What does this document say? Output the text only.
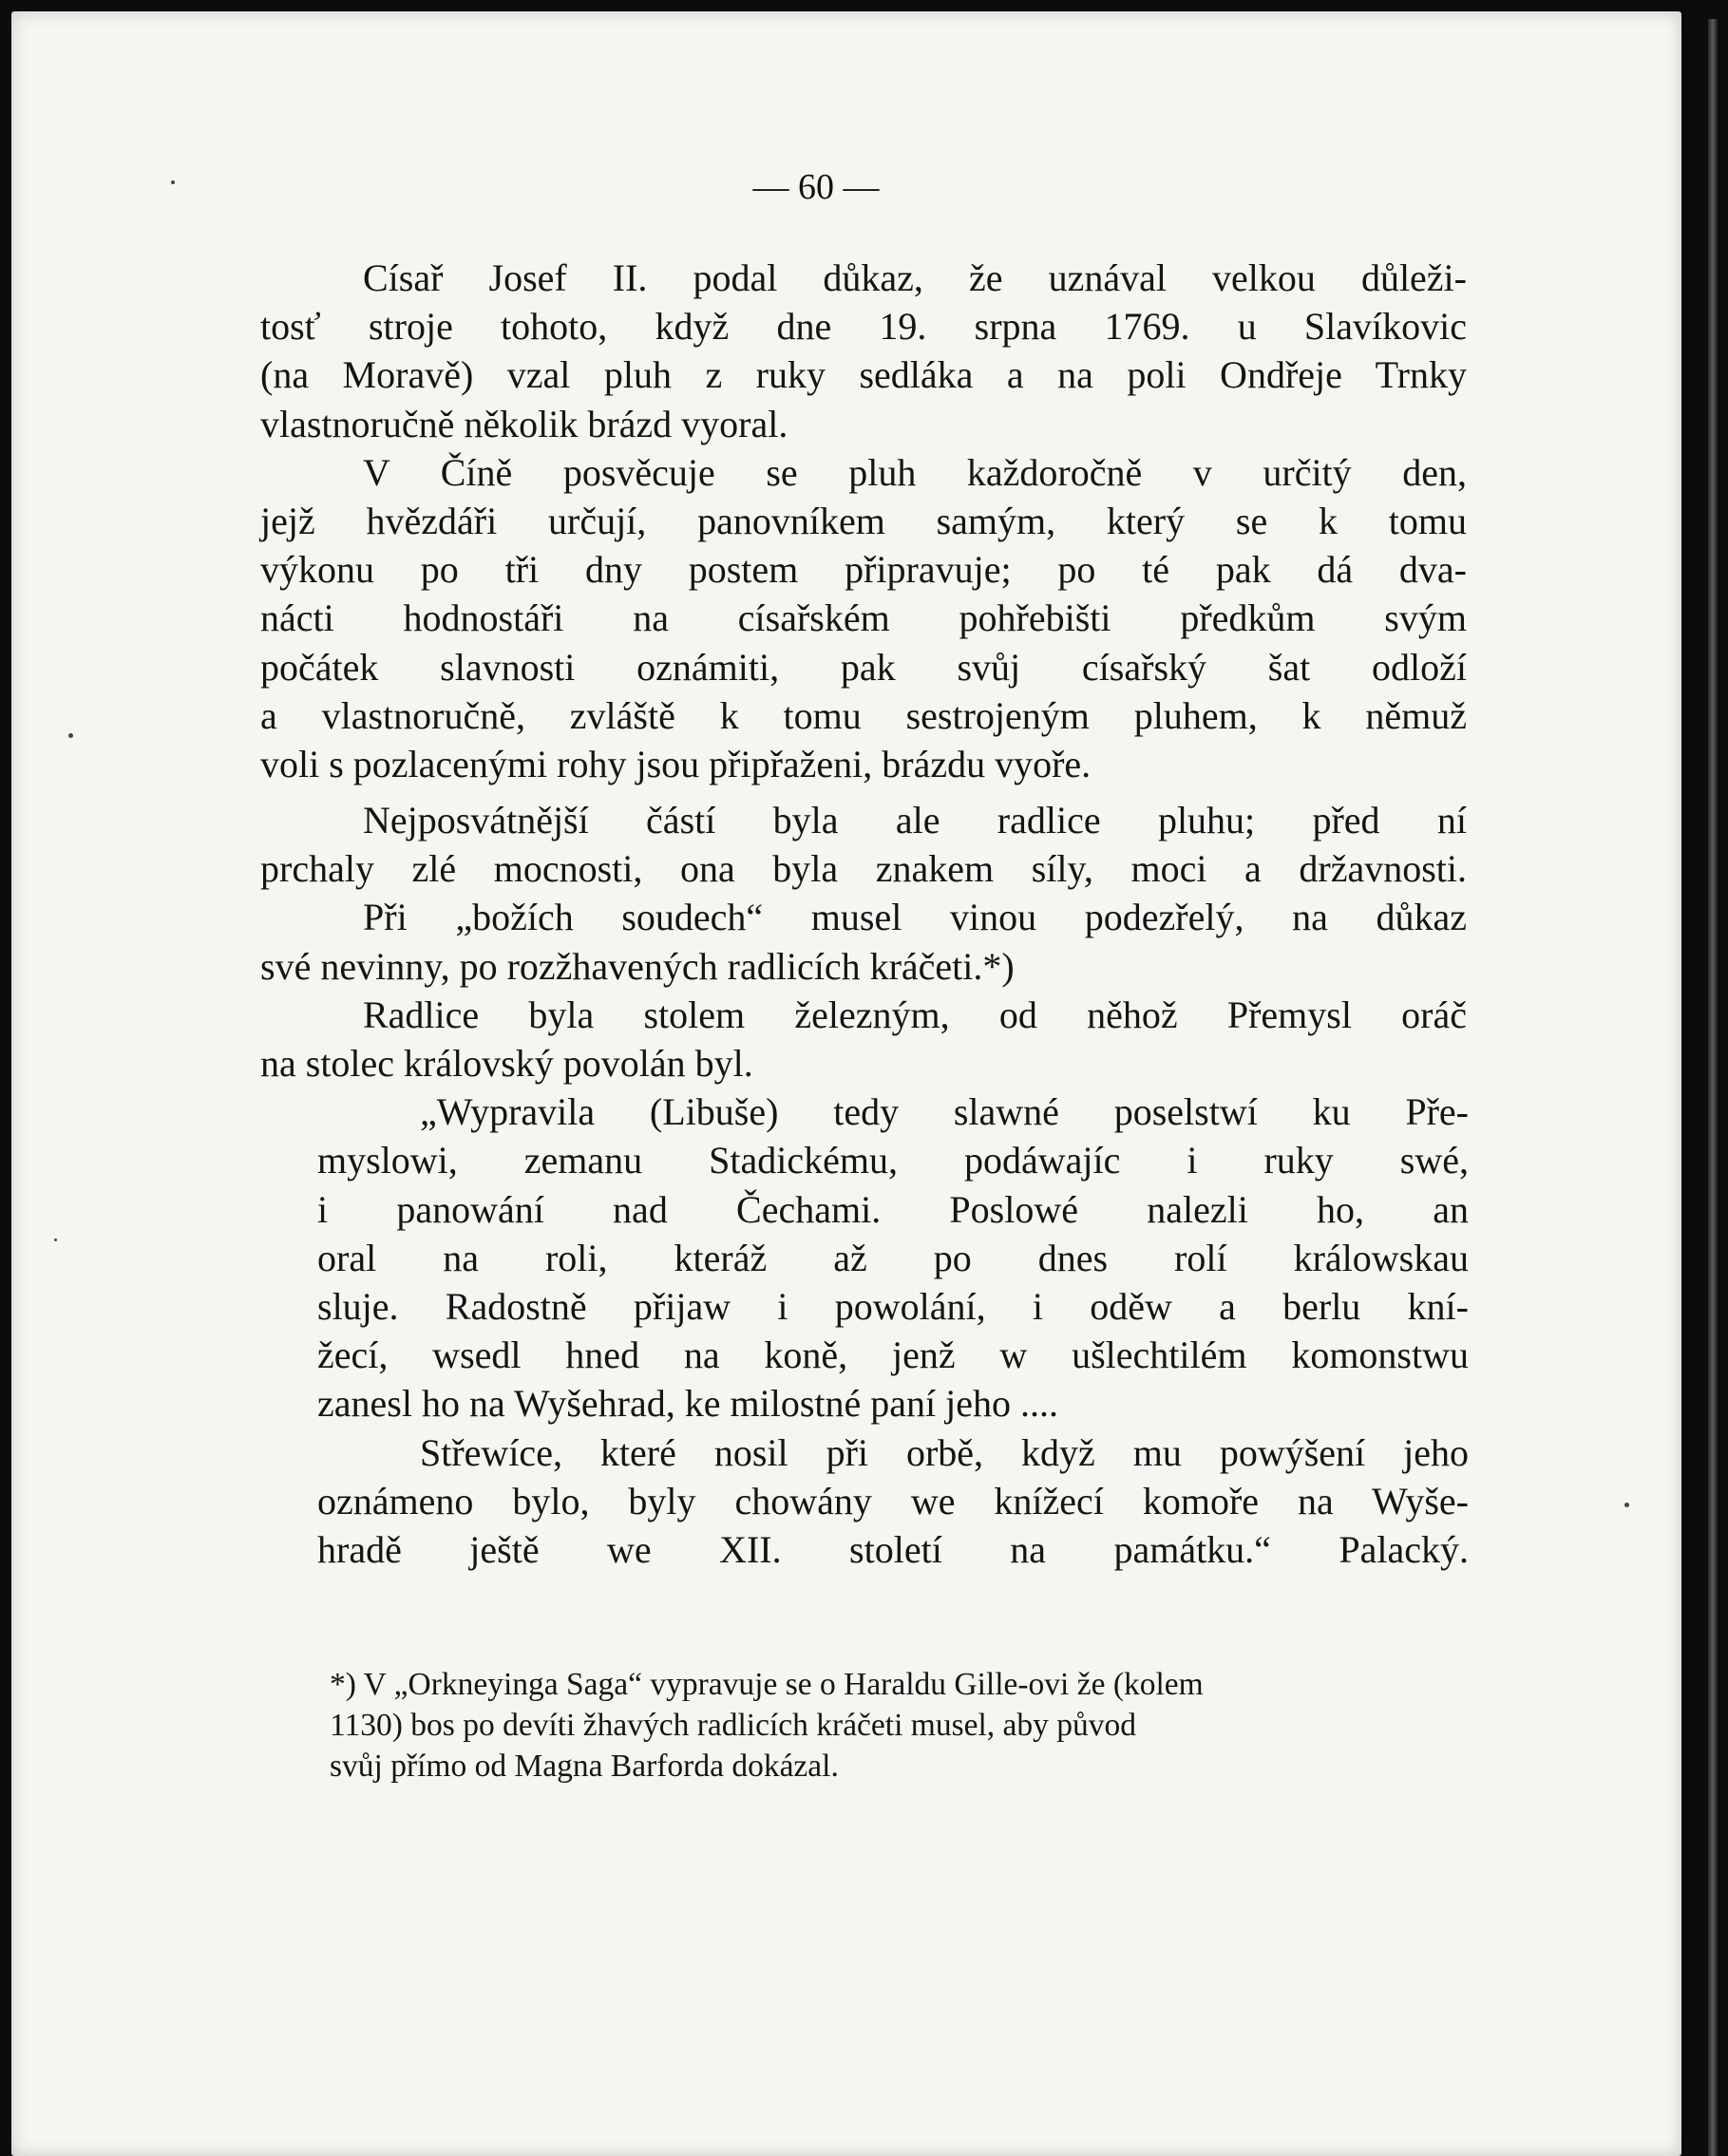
— 60 —
Císař Josef II. podal důkaz, že uznával velkou důleži-
tosť stroje tohoto, když dne 19. srpna 1769. u Slavíkovic
(na Moravě) vzal pluh z ruky sedláka a na poli Ondřeje Trnky
vlastnoručně několik brázd vyoral.
V Číně posvěcuje se pluh každoročně v určitý den,
jejž hvězdáři určují, panovníkem samým, který se k tomu
výkonu po tři dny postem připravuje; po té pak dá dva-
nácti hodnostáři na císařském pohřebišti předkům svým
počátek slavnosti oznámiti, pak svůj císařský šat odloží
a vlastnoručně, zvláště k tomu sestrojeným pluhem, k němuž
voli s pozlacenými rohy jsou připřaženi, brázdu vyoře.
Nejposvátnější částí byla ale radlice pluhu; před ní
prchaly zlé mocnosti, ona byla znakem síly, moci a državnosti.
Při „božích soudech“ musel vinou podezřelý, na důkaz
své nevinny, po rozžhavených radlicích kráčeti.*)
Radlice byla stolem železným, od něhož Přemysl oráč
na stolec královský povolán byl.
„Wypravila (Libuše) tedy slawné poselstwí ku Pře-
myslowi, zemanu Stadickému, podáwajíc i ruky swé,
i panowání nad Čechami. Poslowé nalezli ho, an
oral na roli, kteráž až po dnes rolí králowskau
sluje. Radostně přijaw i powolání, i oděw a berlu kní-
žecí, wsedl hned na koně, jenž w ušlechtilém komonstwu
zanesl ho na Wyšehrad, ke milostné paní jeho ....
Střewíce, které nosil při orbě, když mu powýšení jeho
oznámeno bylo, byly chowány we knížecí komoře na Wyše-
hradě ještě we XII. století na památku.“ Palacký.
*) V „Orkneyinga Saga“ vypravuje se o Haraldu Gille-ovi že (kolem
1130) bos po devíti žhavých radlicích kráčeti musel, aby původ
svůj přímo od Magna Barforda dokázal.
